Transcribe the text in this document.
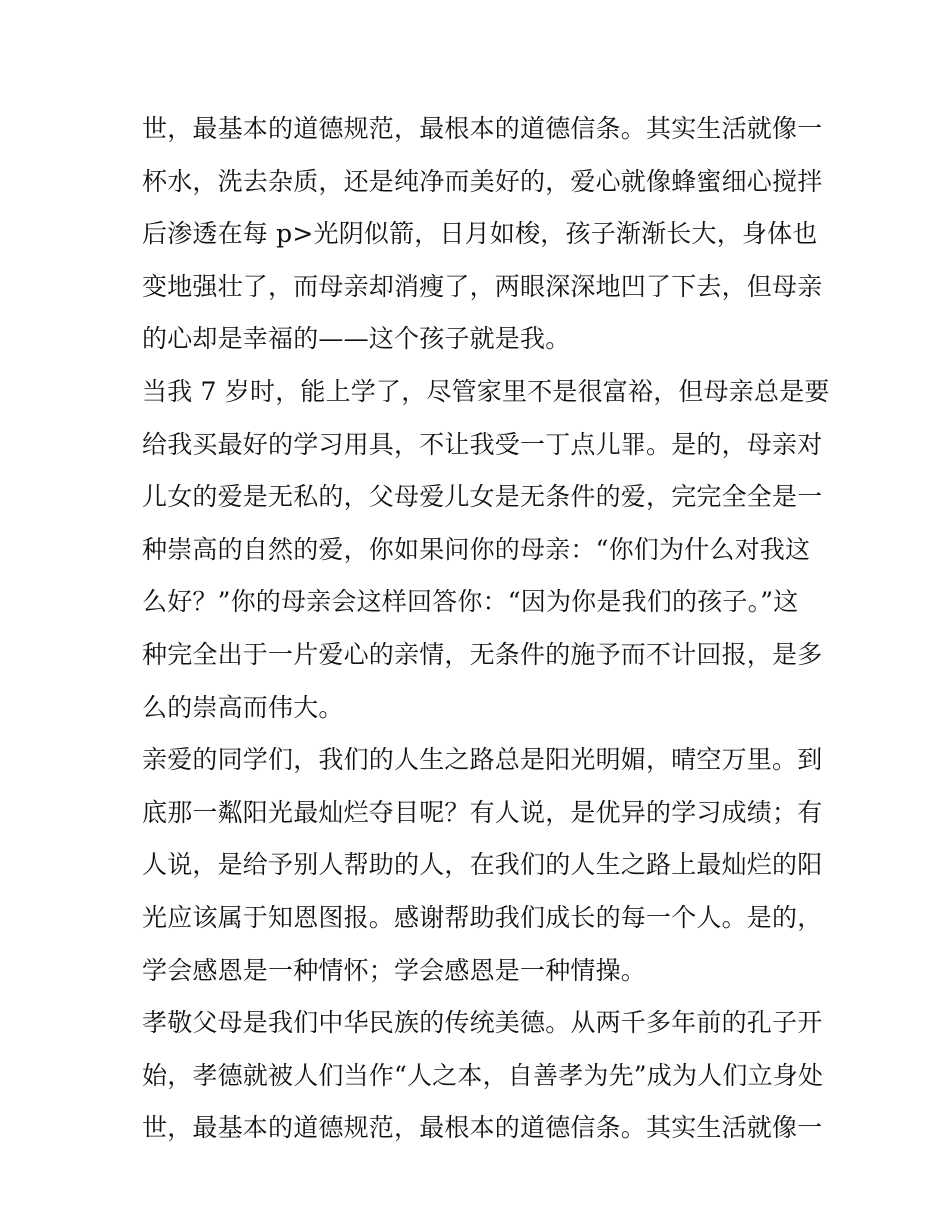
世，最基本的道德规范，最根本的道德信条。其实生活就像一
杯水，洗去杂质，还是纯净而美好的，爱心就像蜂蜜细心搅拌
后渗透在每 p>光阴似箭，日月如梭，孩子渐渐长大，身体也
变地强壮了，而母亲却消瘦了，两眼深深地凹了下去，但母亲
的心却是幸福的——这个孩子就是我。
当我 7 岁时，能上学了，尽管家里不是很富裕，但母亲总是要
给我买最好的学习用具，不让我受一丁点儿罪。是的，母亲对
儿女的爱是无私的，父母爱儿女是无条件的爱，完完全全是一
种崇高的自然的爱，你如果问你的母亲：“你们为什么对我这
么好？”你的母亲会这样回答你：“因为你是我们的孩子。”这
种完全出于一片爱心的亲情，无条件的施予而不计回报，是多
么的崇高而伟大。
亲爱的同学们，我们的人生之路总是阳光明媚，晴空万里。到
底那一粼阳光最灿烂夺目呢？有人说，是优异的学习成绩；有
人说，是给予别人帮助的人，在我们的人生之路上最灿烂的阳
光应该属于知恩图报。感谢帮助我们成长的每一个人。是的，
学会感恩是一种情怀；学会感恩是一种情操。
孝敬父母是我们中华民族的传统美德。从两千多年前的孔子开
始，孝德就被人们当作“人之本，自善孝为先”成为人们立身处
世，最基本的道德规范，最根本的道德信条。其实生活就像一
